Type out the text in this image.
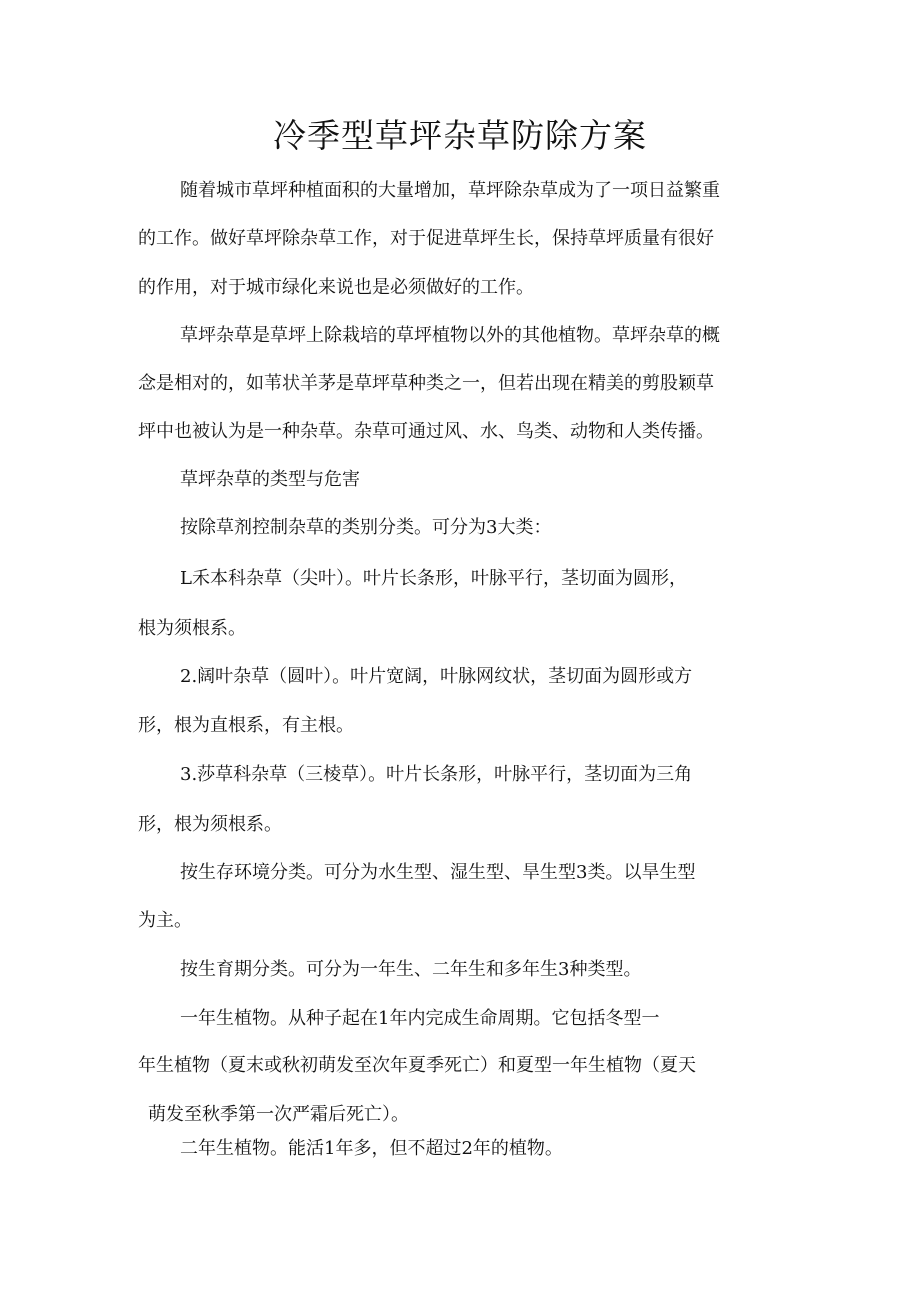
冷季型草坪杂草防除方案
随着城市草坪种植面积的大量增加，草坪除杂草成为了一项日益繁重
的工作。做好草坪除杂草工作，对于促进草坪生长，保持草坪质量有很好
的作用，对于城市绿化来说也是必须做好的工作。
草坪杂草是草坪上除栽培的草坪植物以外的其他植物。草坪杂草的概
念是相对的，如苇状羊茅是草坪草种类之一，但若出现在精美的剪股颖草
坪中也被认为是一种杂草。杂草可通过风、水、鸟类、动物和人类传播。
草坪杂草的类型与危害
按除草剂控制杂草的类别分类。可分为3大类：
L禾本科杂草（尖叶）。叶片长条形，叶脉平行，茎切面为圆形，
根为须根系。
2.阔叶杂草（圆叶）。叶片宽阔，叶脉网纹状，茎切面为圆形或方
形，根为直根系，有主根。
3.莎草科杂草（三棱草）。叶片长条形，叶脉平行，茎切面为三角
形，根为须根系。
按生存环境分类。可分为水生型、湿生型、旱生型3类。以旱生型
为主。
按生育期分类。可分为一年生、二年生和多年生3种类型。
一年生植物。从种子起在1年内完成生命周期。它包括冬型一
年生植物（夏末或秋初萌发至次年夏季死亡）和夏型一年生植物（夏天
萌发至秋季第一次严霜后死亡）。
二年生植物。能活1年多，但不超过2年的植物。
